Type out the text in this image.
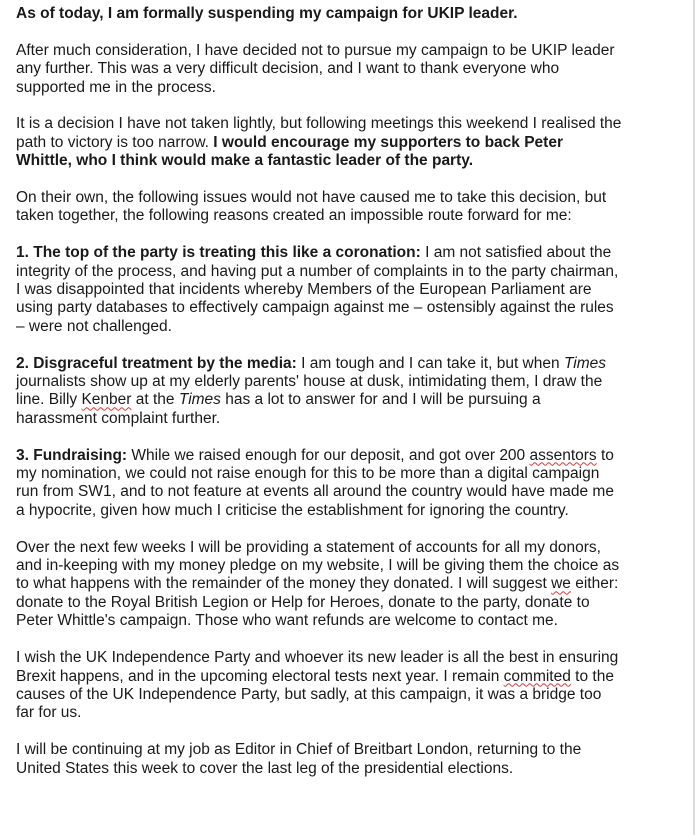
As of today, I am formally suspending my campaign for UKIP leader.

After much consideration, I have decided not to pursue my campaign to be UKIP leader any further. This was a very difficult decision, and I want to thank everyone who supported me in the process.

It is a decision I have not taken lightly, but following meetings this weekend I realised the path to victory is too narrow. I would encourage my supporters to back Peter Whittle, who I think would make a fantastic leader of the party.

On their own, the following issues would not have caused me to take this decision, but taken together, the following reasons created an impossible route forward for me:

1. The top of the party is treating this like a coronation: I am not satisfied about the integrity of the process, and having put a number of complaints in to the party chairman, I was disappointed that incidents whereby Members of the European Parliament are using party databases to effectively campaign against me – ostensibly against the rules – were not challenged.

2. Disgraceful treatment by the media: I am tough and I can take it, but when Times journalists show up at my elderly parents' house at dusk, intimidating them, I draw the line. Billy Kenber at the Times has a lot to answer for and I will be pursuing a harassment complaint further.

3. Fundraising: While we raised enough for our deposit, and got over 200 assentors to my nomination, we could not raise enough for this to be more than a digital campaign run from SW1, and to not feature at events all around the country would have made me a hypocrite, given how much I criticise the establishment for ignoring the country.

Over the next few weeks I will be providing a statement of accounts for all my donors, and in-keeping with my money pledge on my website, I will be giving them the choice as to what happens with the remainder of the money they donated. I will suggest we either: donate to the Royal British Legion or Help for Heroes, donate to the party, donate to Peter Whittle's campaign. Those who want refunds are welcome to contact me.

I wish the UK Independence Party and whoever its new leader is all the best in ensuring Brexit happens, and in the upcoming electoral tests next year. I remain commited to the causes of the UK Independence Party, but sadly, at this campaign, it was a bridge too far for us.

I will be continuing at my job as Editor in Chief of Breitbart London, returning to the United States this week to cover the last leg of the presidential elections.
